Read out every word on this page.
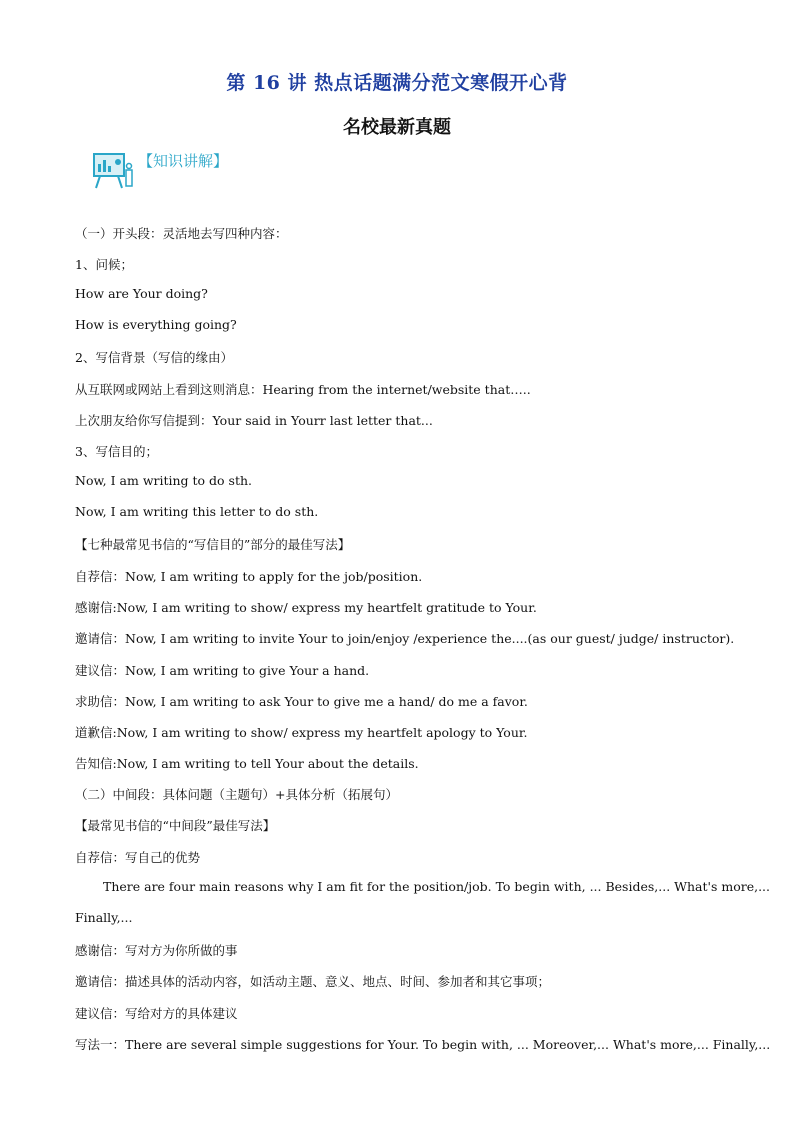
第 16 讲 热点话题满分范文寒假开心背
名校最新真题
【知识讲解】
（一）开头段：灵活地去写四种内容：
1、问候；
How are Your doing?
How is everything going?
2、写信背景（写信的缘由）
从互联网或网站上看到这则消息：Hearing from the internet/website that…..
上次朋友给你写信提到：Your said in Yourr last letter that...
3、写信目的；
Now, I am writing to do sth.
Now, I am writing this letter to do sth.
【七种最常见书信的“写信目的”部分的最佳写法】
自荐信：Now, I am writing to apply for the job/position.
感谢信:Now, I am writing to show/ express my heartfelt gratitude to Your.
邀请信：Now, I am writing to invite Your to join/enjoy /experience the....(as our guest/ judge/ instructor).
建议信：Now, I am writing to give Your a hand.
求助信：Now, I am writing to ask Your to give me a hand/ do me a favor.
道歉信:Now, I am writing to show/ express my heartfelt apology to Your.
告知信:Now, I am writing to tell Your about the details.
（二）中间段：具体问题（主题句）+具体分析（拓展句）
【最常见书信的“中间段”最佳写法】
自荐信：写自己的优势
There are four main reasons why I am fit for the position/job. To begin with, ... Besides,... What's more,...
Finally,...
感谢信：写对方为你所做的事
邀请信：描述具体的活动内容，如活动主题、意义、地点、时间、参加者和其它事项；
建议信：写给对方的具体建议
写法一：There are several simple suggestions for Your. To begin with, ... Moreover,... What's more,... Finally,...
